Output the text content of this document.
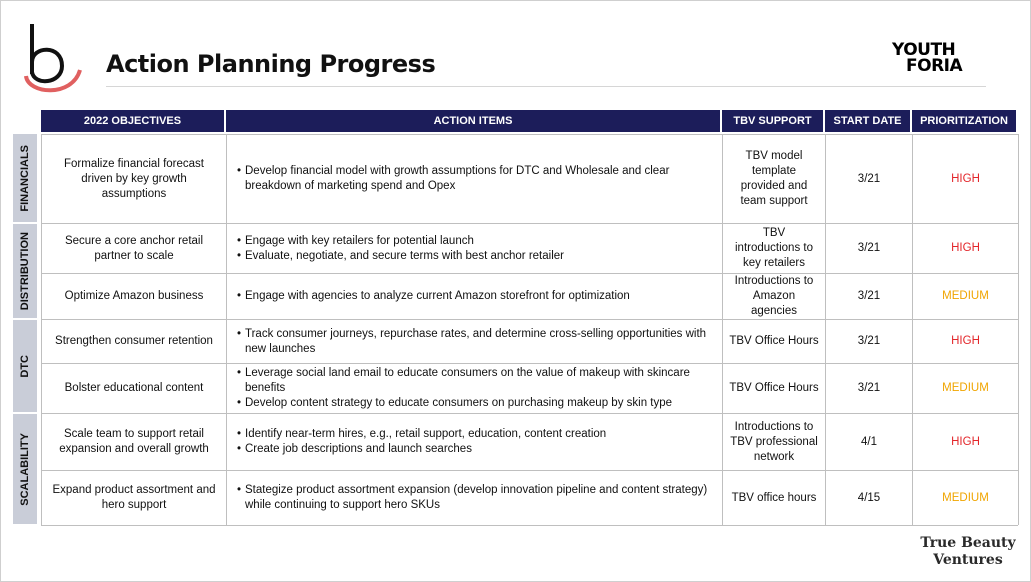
Action Planning Progress	YOUTH
FORIA
2022 OBJECTIVES	ACTION ITEMS	TBV SUPPORT	START DATE	PRIORITIZATION
FINANCIALS
DISTRIBUTION
DTC
SCALABILITY
Formalize financial forecast driven by key growth assumptions
• Develop financial model with growth assumptions for DTC and Wholesale and clear breakdown of marketing spend and Opex
TBV model template provided and team support
3/21	HIGH
Secure a core anchor retail partner to scale
• Engage with key retailers for potential launch
• Evaluate, negotiate, and secure terms with best anchor retailer
TBV introductions to key retailers
3/21	HIGH
Optimize Amazon business
•	Engage with agencies to analyze current Amazon storefront for optimization
Introductions to Amazon agencies
3/21	MEDIUM
Strengthen consumer retention
• Track consumer journeys, repurchase rates, and determine cross-selling opportunities with new launches
TBV Office Hours	3/21	HIGH
Bolster educational content
• Leverage social land email to educate consumers on the value of makeup with skincare benefits
• Develop content strategy to educate consumers on purchasing makeup by skin type
TBV Office Hours	3/21	MEDIUM
Scale team to support retail expansion and overall growth
• Identify near-term hires, e.g., retail support, education, content creation
• Create job descriptions and launch searches
Introductions to TBV professional network
4/1	HIGH
Expand product assortment and hero support
• Stategize product assortment expansion (develop innovation pipeline and content strategy) while continuing to support hero SKUs
TBV office hours	4/15	MEDIUM
True Beauty
Ventures
